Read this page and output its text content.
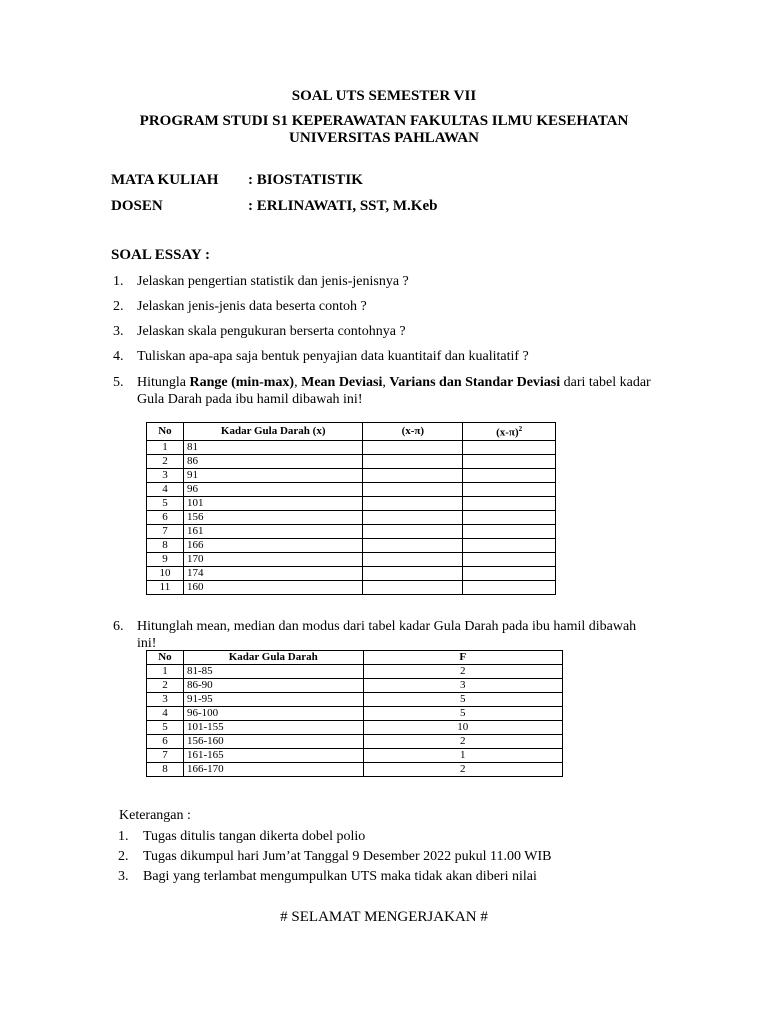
SOAL UTS SEMESTER VII
PROGRAM STUDI S1 KEPERAWATAN FAKULTAS ILMU KESEHATAN
UNIVERSITAS PAHLAWAN
MATA KULIAH : BIOSTATISTIK
DOSEN	: ERLINAWATI, SST, M.Keb
SOAL ESSAY :
1. Jelaskan pengertian statistik dan jenis-jenisnya ?
2. Jelaskan jenis-jenis data beserta contoh ?
3. Jelaskan skala pengukuran berserta contohnya ?
4. Tuliskan apa-apa saja bentuk penyajian data kuantitaif dan kualitatif ?
5. Hitungla Range (min-max), Mean Deviasi, Varians dan Standar Deviasi dari tabel kadar Gula Darah pada ibu hamil dibawah ini!
No	Kadar Gula Darah (x)	(x-π)	$(x-\pi)^2$
1	81		
2	86		
3	91		
4	96		
5	101		
6	156		
7	161		
8	166		
9	170		
10	174		
11	160		
6. Hitunglah mean, median dan modus dari tabel kadar Gula Darah pada ibu hamil dibawah ini!
No	Kadar Gula Darah	F
1	81-85	2
2	86-90	3
3	91-95	5
4	96-100	5
5	101-155	10
6	156-160	2
7	161-165	1
8	166-170	2
Keterangan :
1. Tugas ditulis tangan dikerta dobel polio
2. Tugas dikumpul hari Jum’at Tanggal 9 Desember 2022 pukul 11.00 WIB
3. Bagi yang terlambat mengumpulkan UTS maka tidak akan diberi nilai
# SELAMAT MENGERJAKAN #
